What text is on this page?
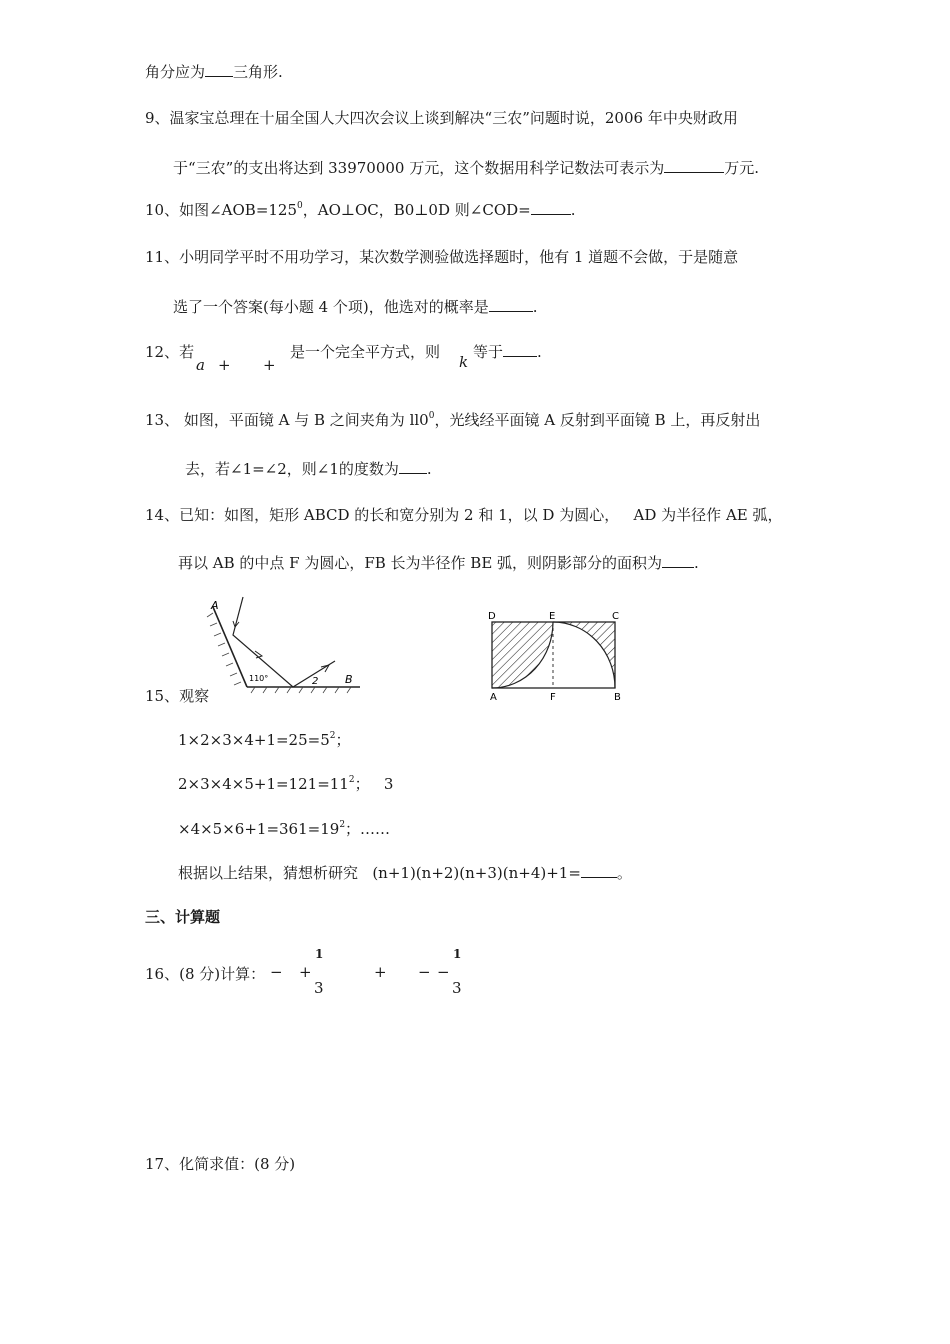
角分应为 三角形.
9、温家宝总理在十届全国人大四次会议上谈到解决“三农”问题时说，2006 年中央财政用
于“三农”的支出将达到 33970000 万元，这个数据用科学记数法可表示为	万元.
10、如图$\angle AOB=125^0$，AO⊥OC，B0⊥0D 则∠COD=	.
11、小明同学平时不用功学习，某次数学测验做选择题时，他有 1 道题不会做，于是随意
选了一个答案(每小题 4 个项)，他选对的概率是	.
12、若
a + +
是一个完全平方式，则
k
等于 .
13、 如图，平面镜 A 与 B 之间夹角为 $ll0^0$，光线经平面镜 A 反射到平面镜 B 上，再反射出
去，若∠1=∠2，则∠1的度数为 .
14、已知：如图，矩形 ABCD 的长和宽分别为 2 和 1，以 D 为圆心， AD 为半径作 AE 弧，
再以 AB 的中点 F 为圆心，FB 长为半径作 BE 弧，则阴影部分的面积为 .
A
B
110°	2
D	E	C
A	F	B
15、观察
$1\times 2\times 3\times 4+1=25=5^2$；
$2\times 3\times 4\times 5+1=121=11^2$； 3
$\times 4\times 5\times 6+1=361=19^2$；……
根据以上结果，猜想析研究 (n+1)(n+2)(n+3)(n+4)+1= 。
三、计算题
16、(8 分)计算： − +
1
3
+ − −
1
3
17、化简求值：(8 分)
